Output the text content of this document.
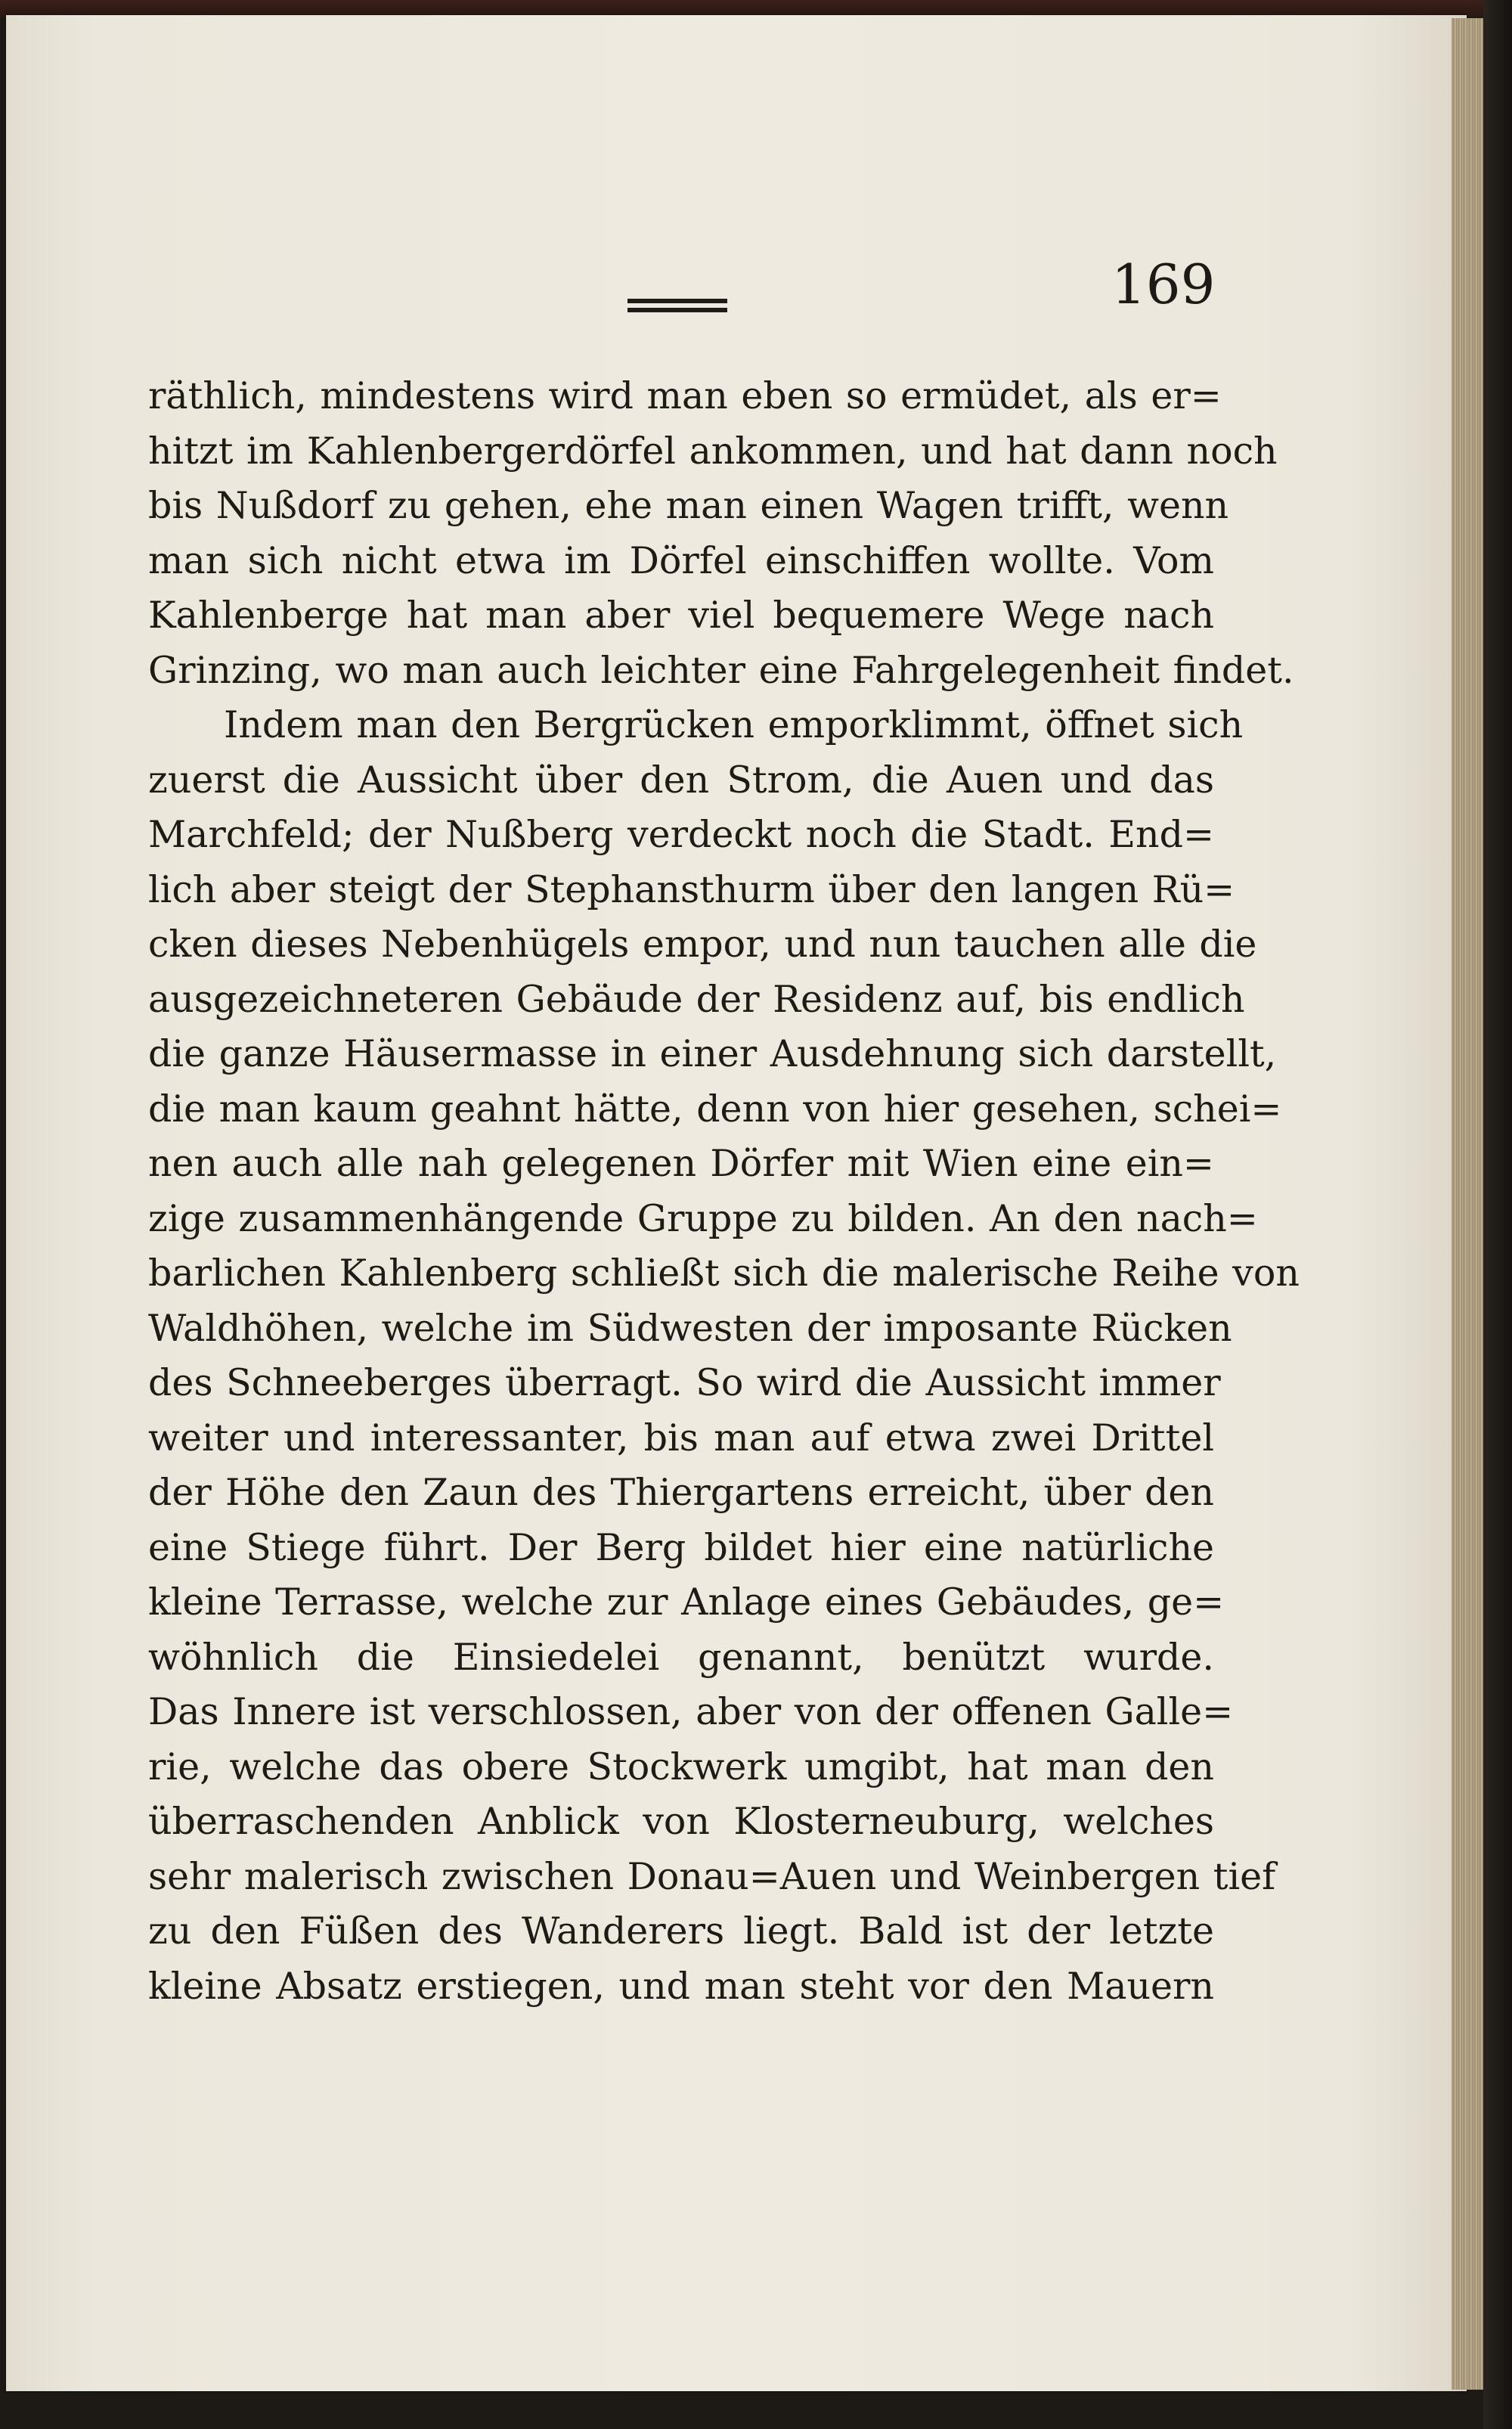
169
räthlich, mindestens wird man eben so ermüdet, als er=
hitzt im Kahlenbergerdörfel ankommen, und hat dann noch
bis Nußdorf zu gehen, ehe man einen Wagen trifft, wenn
man sich nicht etwa im Dörfel einschiffen wollte. Vom
Kahlenberge hat man aber viel bequemere Wege nach
Grinzing, wo man auch leichter eine Fahrgelegenheit findet.
Indem man den Bergrücken emporklimmt, öffnet sich
zuerst die Aussicht über den Strom, die Auen und das
Marchfeld; der Nußberg verdeckt noch die Stadt. End=
lich aber steigt der Stephansthurm über den langen Rü=
cken dieses Nebenhügels empor, und nun tauchen alle die
ausgezeichneteren Gebäude der Residenz auf, bis endlich
die ganze Häusermasse in einer Ausdehnung sich darstellt,
die man kaum geahnt hätte, denn von hier gesehen, schei=
nen auch alle nah gelegenen Dörfer mit Wien eine ein=
zige zusammenhängende Gruppe zu bilden. An den nach=
barlichen Kahlenberg schließt sich die malerische Reihe von
Waldhöhen, welche im Südwesten der imposante Rücken
des Schneeberges überragt. So wird die Aussicht immer
weiter und interessanter, bis man auf etwa zwei Drittel
der Höhe den Zaun des Thiergartens erreicht, über den
eine Stiege führt. Der Berg bildet hier eine natürliche
kleine Terrasse, welche zur Anlage eines Gebäudes, ge=
wöhnlich die Einsiedelei genannt, benützt wurde.
Das Innere ist verschlossen, aber von der offenen Galle=
rie, welche das obere Stockwerk umgibt, hat man den
überraschenden Anblick von Klosterneuburg, welches
sehr malerisch zwischen Donau=Auen und Weinbergen tief
zu den Füßen des Wanderers liegt. Bald ist der letzte
kleine Absatz erstiegen, und man steht vor den Mauern
